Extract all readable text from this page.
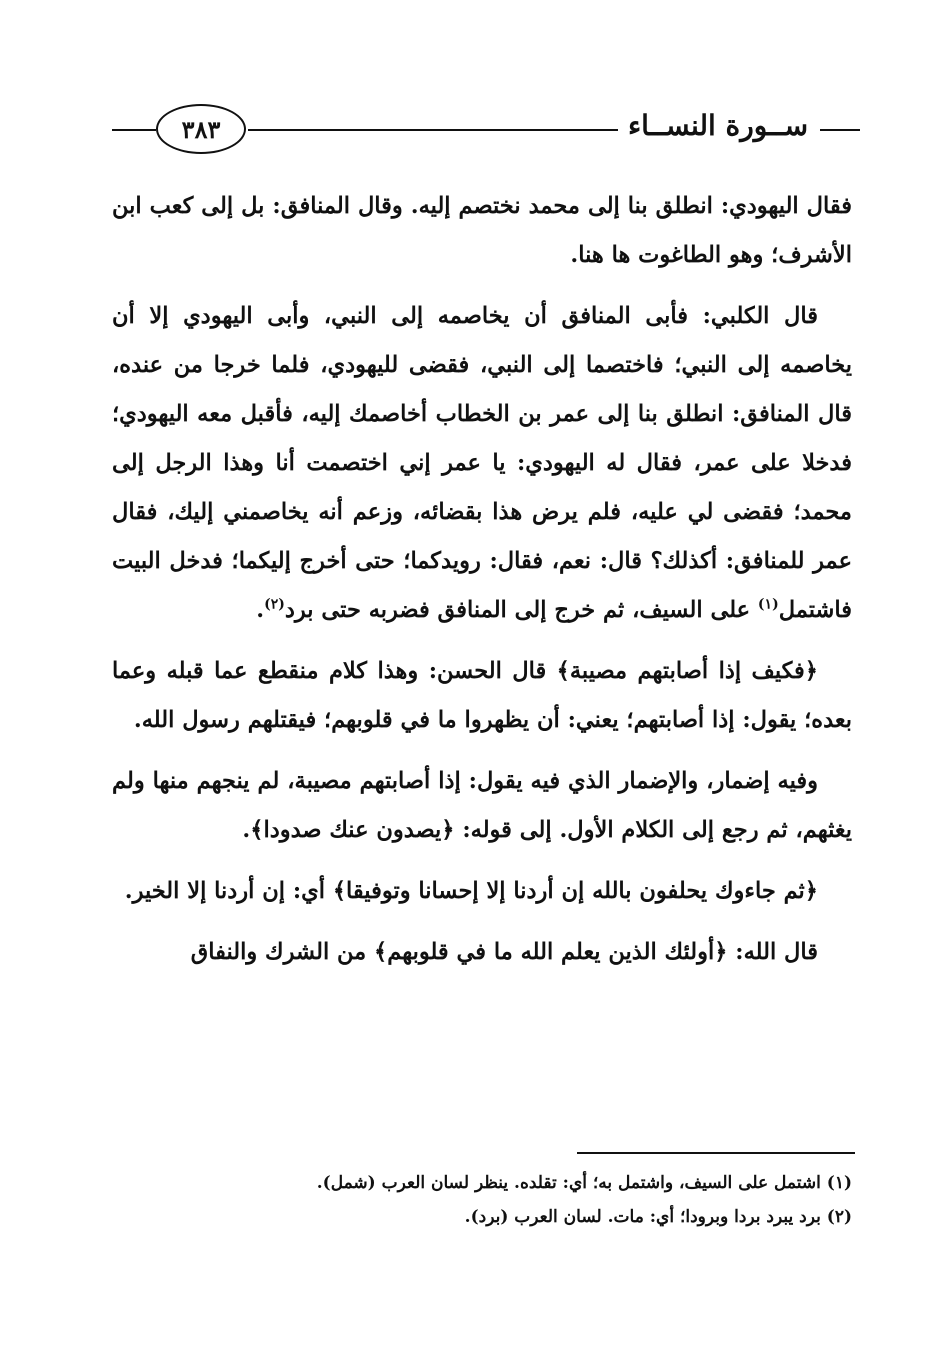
٣٨٣	ســورة النســاء

فقال اليهودي: انطلق بنا إلى محمد نختصم إليه. وقال المنافق: بل إلى كعب ابن الأشرف؛ وهو الطاغوت ها هنا.

قال الكلبي: فأبى المنافق أن يخاصمه إلى النبي، وأبى اليهودي إلا أن يخاصمه إلى النبي؛ فاختصما إلى النبي، فقضى لليهودي، فلما خرجا من عنده، قال المنافق: انطلق بنا إلى عمر بن الخطاب أخاصمك إليه، فأقبل معه اليهودي؛ فدخلا على عمر، فقال له اليهودي: يا عمر إني اختصمت أنا وهذا الرجل إلى محمد؛ فقضى لي عليه، فلم يرض هذا بقضائه، وزعم أنه يخاصمني إليك، فقال عمر للمنافق: أكذلك؟ قال: نعم، فقال: رويدكما؛ حتى أخرج إليكما؛ فدخل البيت فاشتمل$^{(١)}$ على السيف، ثم خرج إلى المنافق فضربه حتى برد$^{(٢)}$.

﴿فكيف إذا أصابتهم مصيبة﴾ قال الحسن: وهذا كلام منقطع عما قبله وعما بعده؛ يقول: إذا أصابتهم؛ يعني: أن يظهروا ما في قلوبهم؛ فيقتلهم رسول الله.

وفيه إضمار، والإضمار الذي فيه يقول: إذا أصابتهم مصيبة، لم ينجهم منها ولم يغثهم، ثم رجع إلى الكلام الأول. إلى قوله: ﴿يصدون عنك صدودا﴾.

﴿ثم جاءوك يحلفون بالله إن أردنا إلا إحسانا وتوفيقا﴾ أي: إن أردنا إلا الخير.

قال الله: ﴿أولئك الذين يعلم الله ما في قلوبهم﴾ من الشرك والنفاق

(١) اشتمل على السيف، واشتمل به؛ أي: تقلده. ينظر لسان العرب (شمل).

(٢) برد يبرد بردا وبرودا؛ أي: مات. لسان العرب (برد).
